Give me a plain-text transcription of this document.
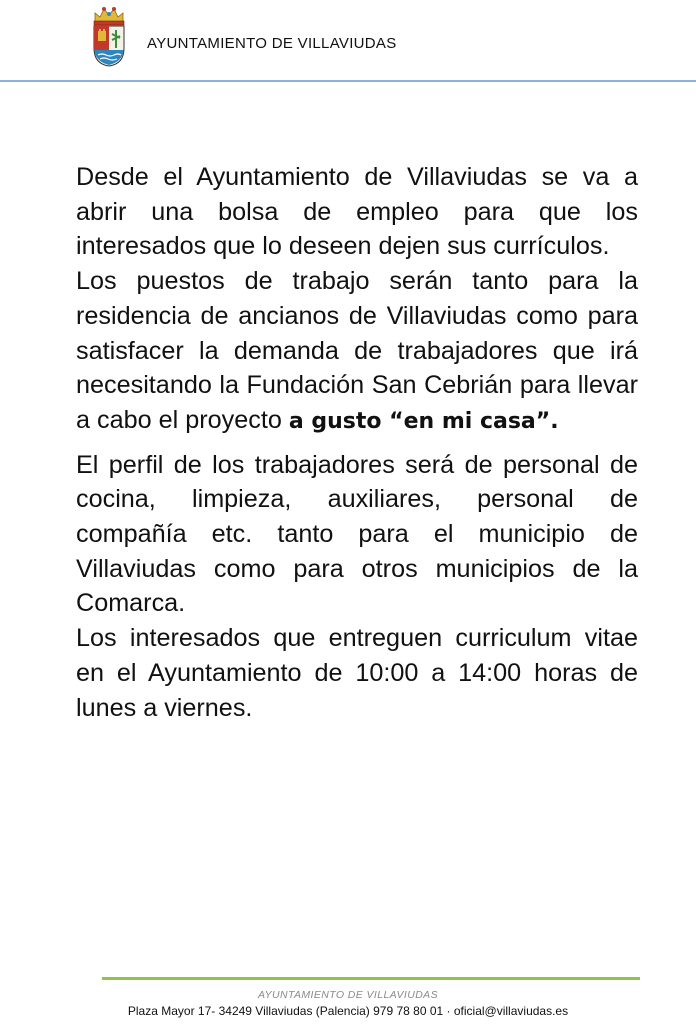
AYUNTAMIENTO DE VILLAVIUDAS

Desde el Ayuntamiento de Villaviudas se va a abrir una bolsa de empleo para que los interesados que lo deseen dejen sus currículos.

Los puestos de trabajo serán tanto para la residencia de ancianos de Villaviudas como para satisfacer la demanda de trabajadores que irá necesitando la Fundación San Cebrián para llevar a cabo el proyecto a gusto “en mi casa”.

El perfil de los trabajadores será de personal de cocina, limpieza, auxiliares, personal de compañía etc. tanto para el municipio de Villaviudas como para otros municipios de la Comarca.

Los interesados que entreguen curriculum vitae en el Ayuntamiento de 10:00 a 14:00 horas de lunes a viernes.

AYUNTAMIENTO DE VILLAVIUDAS
Plaza Mayor 17- 34249 Villaviudas (Palencia) 979 78 80 01 · oficial@villaviudas.es
